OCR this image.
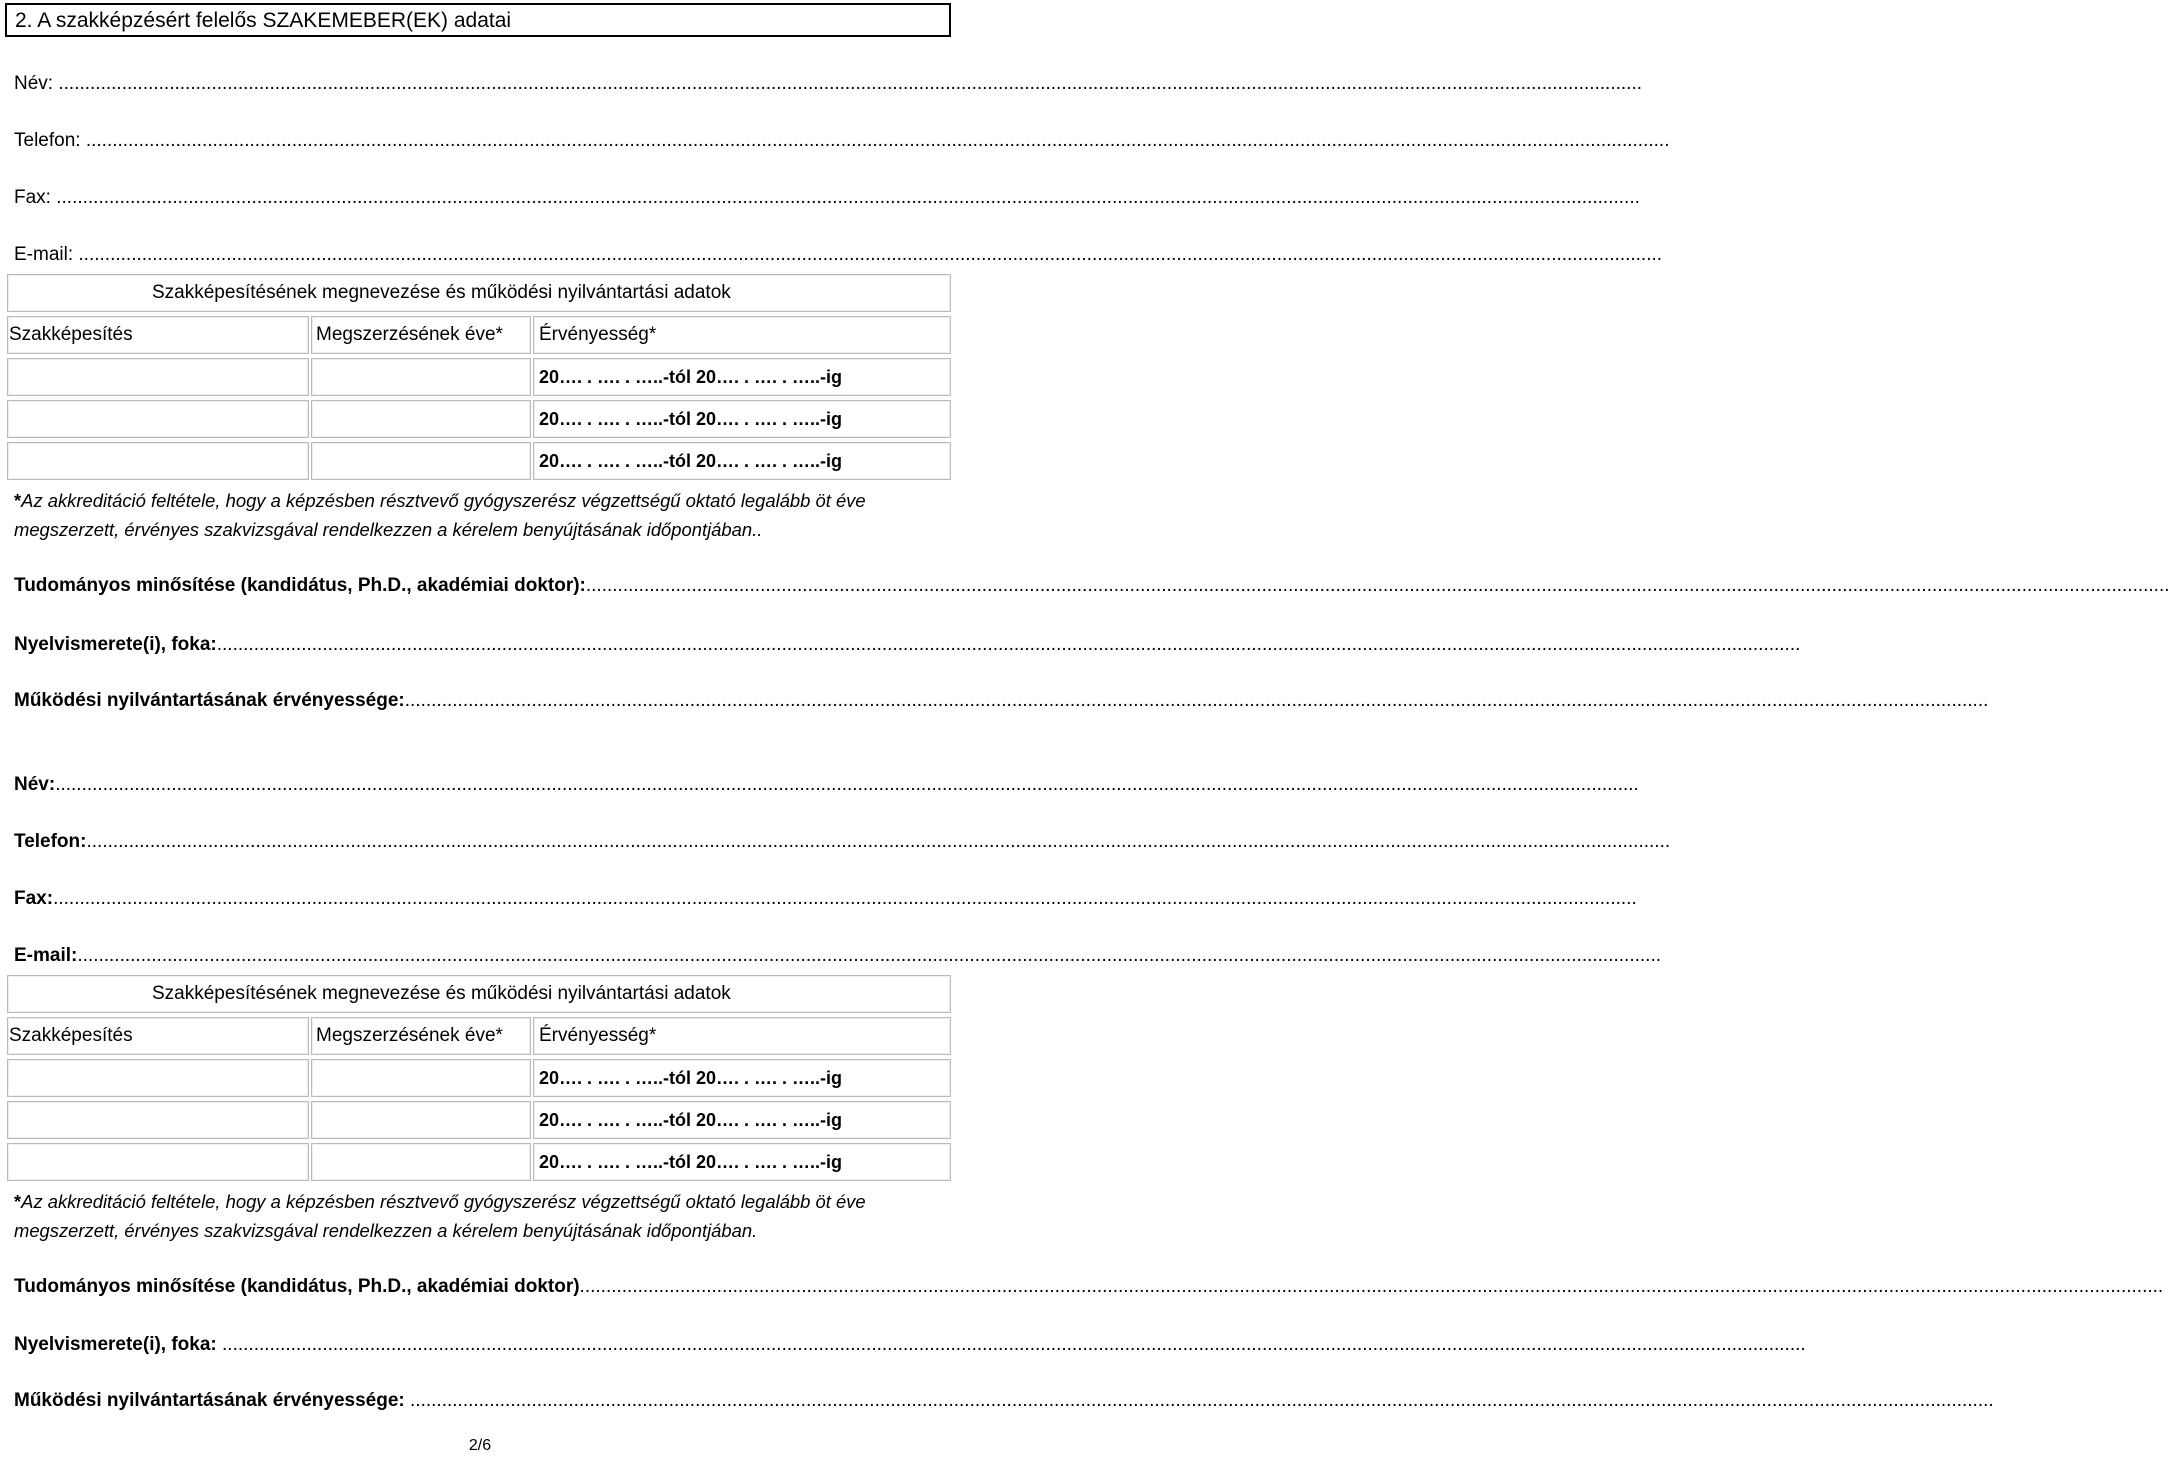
2. A szakképzésért felelős SZAKEMEBER(EK) adatai
Név: ............................................................................................................................................................................................................................................................................................................
Telefon: ............................................................................................................................................................................................................................................................................................................
Fax: ............................................................................................................................................................................................................................................................................................................
E-mail: ............................................................................................................................................................................................................................................................................................................
Szakképesítésének megnevezése és működési nyilvántartási adatok
Szakképesítés	Megszerzésének éve* Érvényesség*
20…. . …. . …..-tól 20…. . …. . …..-ig
20…. . …. . …..-tól 20…. . …. . …..-ig
20…. . …. . …..-tól 20…. . …. . …..-ig
*Az akkreditáció feltétele, hogy a képzésben résztvevő gyógyszerész végzettségű oktató legalább öt éve megszerzett, érvényes szakvizsgával rendelkezzen a kérelem benyújtásának időpontjában..
Tudományos minősítése (kandidátus, Ph.D., akadémiai doktor):............................................................................................................................................................................................................................................................................................................
Nyelvismerete(i), foka:............................................................................................................................................................................................................................................................................................................
Működési nyilvántartásának érvényessége:............................................................................................................................................................................................................................................................................................................
Név:............................................................................................................................................................................................................................................................................................................
Telefon:............................................................................................................................................................................................................................................................................................................
Fax:............................................................................................................................................................................................................................................................................................................
E-mail:............................................................................................................................................................................................................................................................................................................
Szakképesítésének megnevezése és működési nyilvántartási adatok
Szakképesítés	Megszerzésének éve* Érvényesség*
20…. . …. . …..-tól 20…. . …. . …..-ig
20…. . …. . …..-tól 20…. . …. . …..-ig
20…. . …. . …..-tól 20…. . …. . …..-ig
*Az akkreditáció feltétele, hogy a képzésben résztvevő gyógyszerész végzettségű oktató legalább öt éve megszerzett, érvényes szakvizsgával rendelkezzen a kérelem benyújtásának időpontjában.
Tudományos minősítése (kandidátus, Ph.D., akadémiai doktor)............................................................................................................................................................................................................................................................................................................
Nyelvismerete(i), foka: ............................................................................................................................................................................................................................................................................................................
Működési nyilvántartásának érvényessége: ............................................................................................................................................................................................................................................................................................................
2/6
